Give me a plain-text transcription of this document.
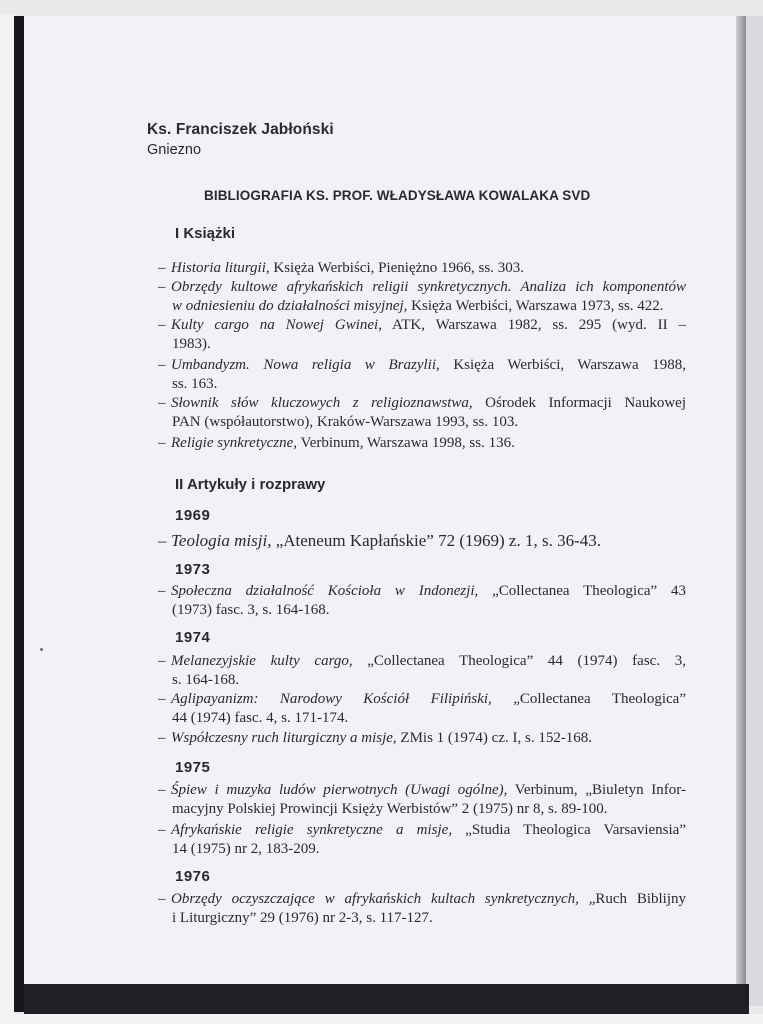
Ks. Franciszek Jabłoński
Gniezno
BIBLIOGRAFIA KS. PROF. WŁADYSŁAWA KOWALAKA SVD
I Książki
– Historia liturgii, Księża Werbiści, Pieniężno 1966, ss. 303.
– Obrzędy kultowe afrykańskich religii synkretycznych. Analiza ich komponentów
w odniesieniu do działalności misyjnej, Księża Werbiści, Warszawa 1973, ss. 422.
– Kulty cargo na Nowej Gwinei, ATK, Warszawa 1982, ss. 295 (wyd. II –
1983).
– Umbandyzm. Nowa religia w Brazylii, Księża Werbiści, Warszawa 1988,
ss. 163.
– Słownik słów kluczowych z religioznawstwa, Ośrodek Informacji Naukowej
PAN (współautorstwo), Kraków-Warszawa 1993, ss. 103.
– Religie synkretyczne, Verbinum, Warszawa 1998, ss. 136.
II Artykuły i rozprawy
1969
– Teologia misji, „Ateneum Kapłańskie” 72 (1969) z. 1, s. 36-43.
1973
– Społeczna działalność Kościoła w Indonezji, „Collectanea Theologica” 43
(1973) fasc. 3, s. 164-168.
1974
– Melanezyjskie kulty cargo, „Collectanea Theologica” 44 (1974) fasc. 3,
s. 164-168.
– Aglipayanizm: Narodowy Kościół Filipiński, „Collectanea Theologica”
44 (1974) fasc. 4, s. 171-174.
– Współczesny ruch liturgiczny a misje, ZMis 1 (1974) cz. I, s. 152-168.
1975
– Śpiew i muzyka ludów pierwotnych (Uwagi ogólne), Verbinum, „Biuletyn Infor-
macyjny Polskiej Prowincji Księży Werbistów” 2 (1975) nr 8, s. 89-100.
– Afrykańskie religie synkretyczne a misje, „Studia Theologica Varsaviensia”
14 (1975) nr 2, 183-209.
1976
– Obrzędy oczyszczające w afrykańskich kultach synkretycznych, „Ruch Biblijny
i Liturgiczny” 29 (1976) nr 2-3, s. 117-127.
